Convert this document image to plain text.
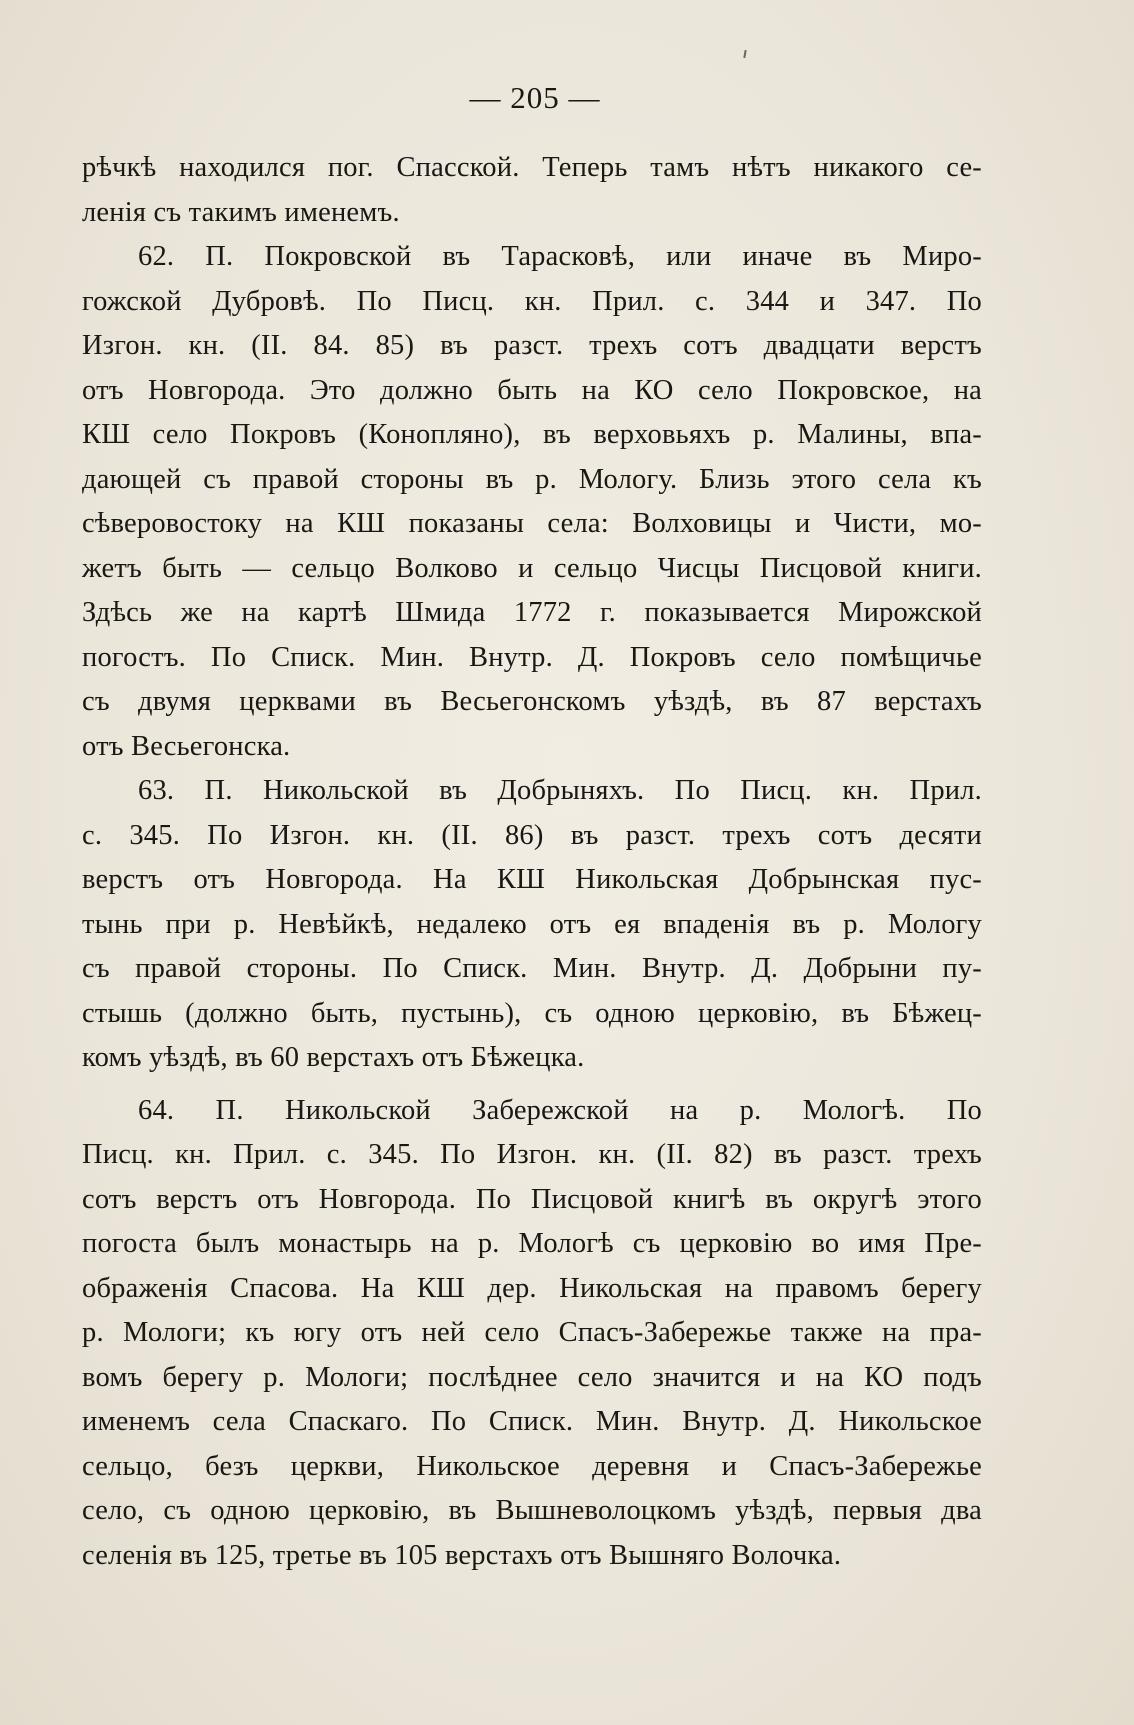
— 205 —
рѣчкѣ находился пог. Спасской. Теперь тамъ нѣтъ никакого се-
ленія съ такимъ именемъ.
62. П. Покровской въ Тарасковѣ, или иначе въ Миро-
гожской Дубровѣ. По Писц. кн. Прил. с. 344 и 347. По
Изгон. кн. (II. 84. 85) въ разст. трехъ сотъ двадцати верстъ
отъ Новгорода. Это должно быть на КО село Покровское, на
КШ село Покровъ (Конопляно), въ верховьяхъ р. Малины, впа-
дающей съ правой стороны въ р. Мологу. Близь этого села къ
сѣверовостоку на КШ показаны села: Волховицы и Чисти, мо-
жетъ быть — сельцо Волково и сельцо Чисцы Писцовой книги.
Здѣсь же на картѣ Шмида 1772 г. показывается Мирожской
погостъ. По Списк. Мин. Внутр. Д. Покровъ село помѣщичье
съ двумя церквами въ Весьегонскомъ уѣздѣ, въ 87 верстахъ
отъ Весьегонска.
63. П. Никольской въ Добрыняхъ. По Писц. кн. Прил.
с. 345. По Изгон. кн. (II. 86) въ разст. трехъ сотъ десяти
верстъ отъ Новгорода. На КШ Никольская Добрынская пус-
тынь при р. Невѣйкѣ, недалеко отъ ея впаденія въ р. Мологу
съ правой стороны. По Списк. Мин. Внутр. Д. Добрыни пу-
стышь (должно быть, пустынь), съ одною церковію, въ Бѣжец-
комъ уѣздѣ, въ 60 верстахъ отъ Бѣжецка.
64. П. Никольской Забережской на р. Мологѣ. По
Писц. кн. Прил. с. 345. По Изгон. кн. (II. 82) въ разст. трехъ
сотъ верстъ отъ Новгорода. По Писцовой книгѣ въ округѣ этого
погоста былъ монастырь на р. Мологѣ съ церковію во имя Пре-
ображенія Спасова. На КШ дер. Никольская на правомъ берегу
р. Мологи; къ югу отъ ней село Спасъ-Забережье также на пра-
вомъ берегу р. Мологи; послѣднее село значится и на КО подъ
именемъ села Спаскаго. По Списк. Мин. Внутр. Д. Никольское
сельцо, безъ церкви, Никольское деревня и Спасъ-Забережье
село, съ одною церковію, въ Вышневолоцкомъ уѣздѣ, первыя два
селенія въ 125, третье въ 105 верстахъ отъ Вышняго Волочка.
